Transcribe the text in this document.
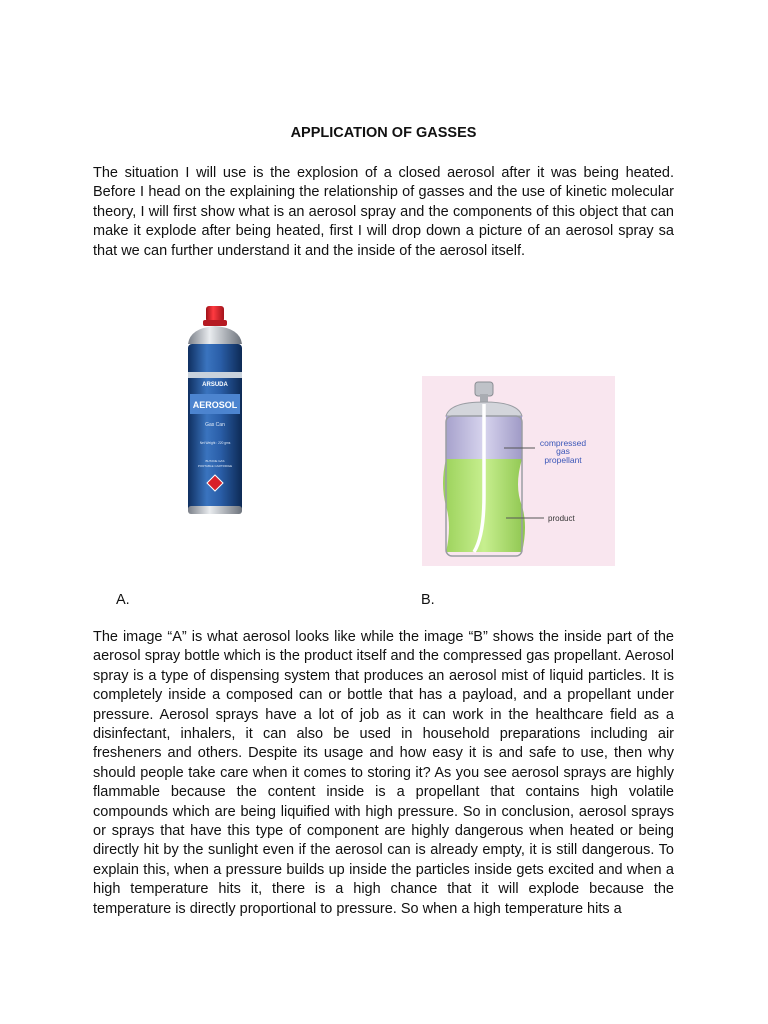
APPLICATION OF GASSES

The situation I will use is the explosion of a closed aerosol after it was being heated. Before I head on the explaining the relationship of gasses and the use of kinetic molecular theory, I will first show what is an aerosol spray and the components of this object that can make it explode after being heated, first I will drop down a picture of an aerosol spray sa that we can further understand it and the inside of the aerosol itself.

ARSUDA
AEROSOL
Gas Can
Net Weight : 220 gms
BUTANE GAS
PORTABLE CARTRIDGE
compressed
gas
propellant
product
A.	B.

The image “A” is what aerosol looks like while the image “B” shows the inside part of the aerosol spray bottle which is the product itself and the compressed gas propellant. Aerosol spray is a type of dispensing system that produces an aerosol mist of liquid particles. It is completely inside a composed can or bottle that has a payload, and a propellant under pressure. Aerosol sprays have a lot of job as it can work in the healthcare field as a disinfectant, inhalers, it can also be used in household preparations including air fresheners and others. Despite its usage and how easy it is and safe to use, then why should people take care when it comes to storing it? As you see aerosol sprays are highly flammable because the content inside is a propellant that contains high volatile compounds which are being liquified with high pressure. So in conclusion, aerosol sprays or sprays that have this type of component are highly dangerous when heated or being directly hit by the sunlight even if the aerosol can is already empty, it is still dangerous. To explain this, when a pressure builds up inside the particles inside gets excited and when a high temperature hits it, there is a high chance that it will explode because the temperature is directly proportional to pressure. So when a high temperature hits a
